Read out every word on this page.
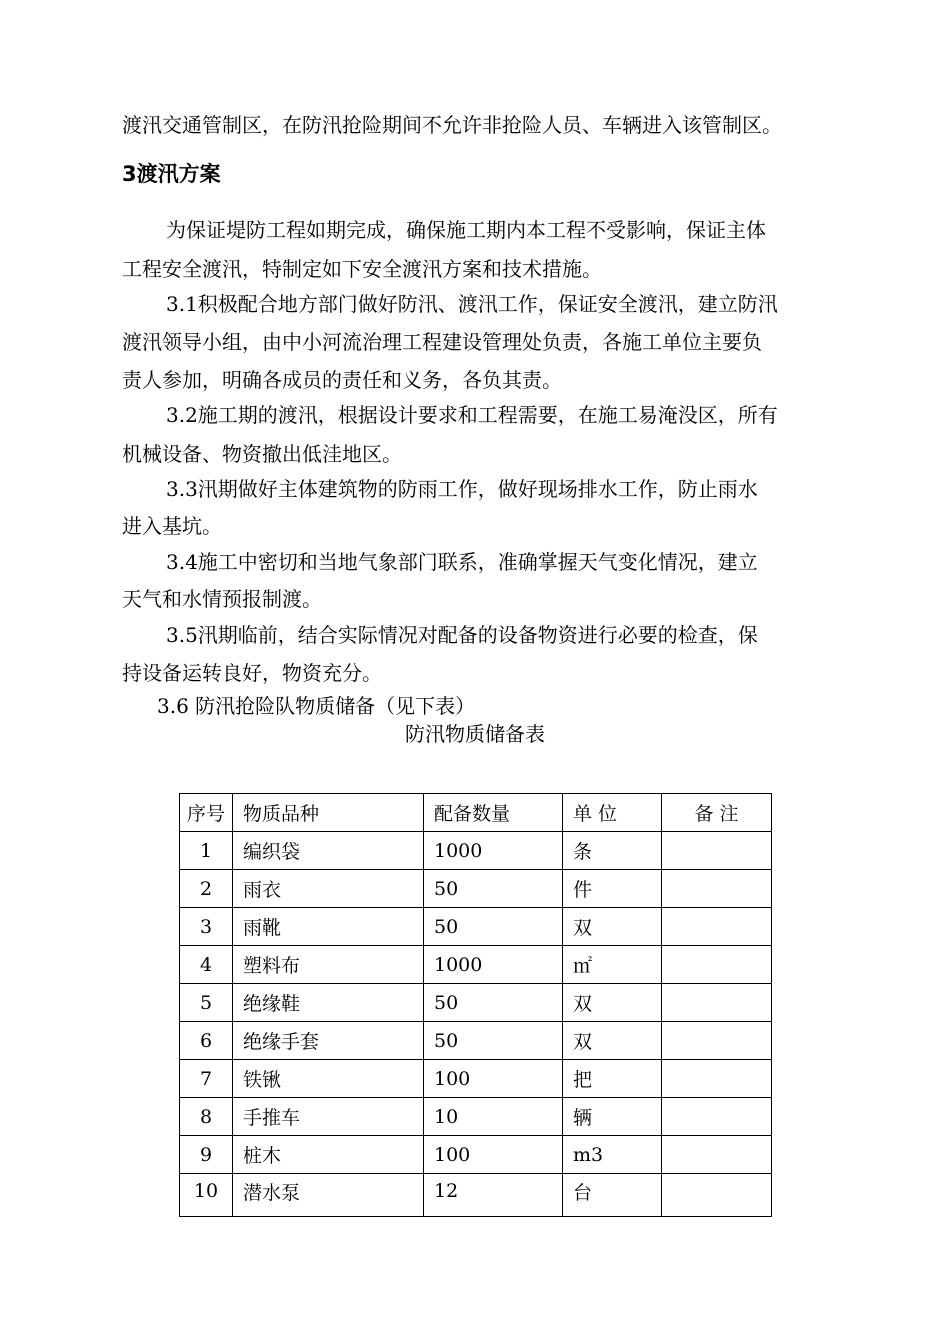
渡汛交通管制区，在防汛抢险期间不允许非抢险人员、车辆进入该管制区。
3渡汛方案
为保证堤防工程如期完成，确保施工期内本工程不受影响，保证主体
工程安全渡汛，特制定如下安全渡汛方案和技术措施。
3.1积极配合地方部门做好防汛、渡汛工作，保证安全渡汛，建立防汛
渡汛领导小组，由中小河流治理工程建设管理处负责，各施工单位主要负
责人参加，明确各成员的责任和义务，各负其责。
3.2施工期的渡汛，根据设计要求和工程需要，在施工易淹没区，所有
机械设备、物资撤出低洼地区。
3.3汛期做好主体建筑物的防雨工作，做好现场排水工作，防止雨水
进入基坑。
3.4施工中密切和当地气象部门联系，准确掌握天气变化情况，建立
天气和水情预报制渡。
3.5汛期临前，结合实际情况对配备的设备物资进行必要的检查，保
持设备运转良好，物资充分。
3.6 防汛抢险队物质储备（见下表）
防汛物质储备表
序号	物质品种	配备数量	单 位	备 注
1	编织袋	1000	条	
2	雨衣	50	件	
3	雨靴	50	双	
4	塑料布	1000	㎡	
5	绝缘鞋	50	双	
6	绝缘手套	50	双	
7	铁锹	100	把	
8	手推车	10	辆	
9	桩木	100	m3	
10	潜水泵	12	台	
